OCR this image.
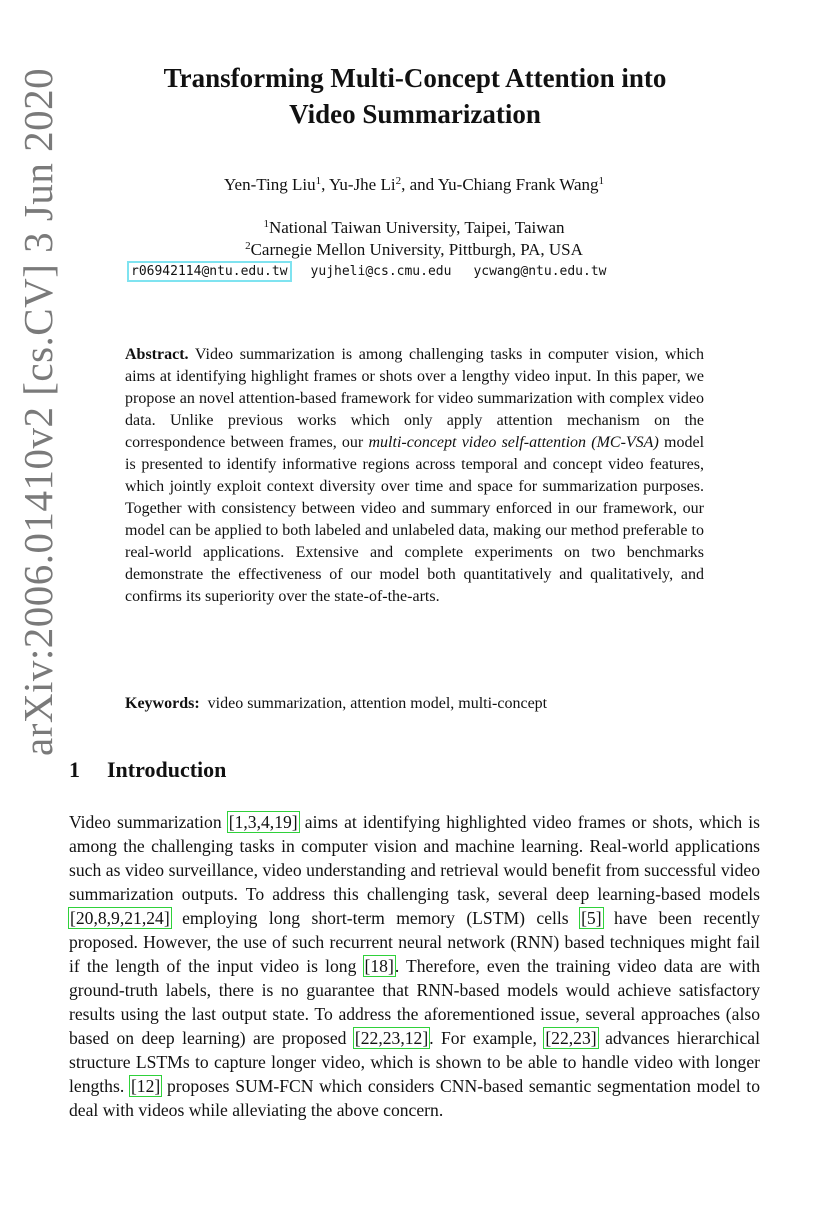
arXiv:2006.01410v2 [cs.CV] 3 Jun 2020	Transforming Multi-Concept Attention into
Video Summarization
Yen-Ting Liu$^1$, Yu-Jhe Li$^2$, and Yu-Chiang Frank Wang$^1$
$^1$National Taiwan University, Taipei, Taiwan
$^2$Carnegie Mellon University, Pittburgh, PA, USA
r06942114@ntu.edu.tw yujheli@cs.cmu.edu ycwang@ntu.edu.tw
Abstract. Video summarization is among challenging tasks in computer vision, which aims at identifying highlight frames or shots over a lengthy video input. In this paper, we propose an novel attention-based framework for video summarization with complex video data. Unlike previous works which only apply attention mechanism on the correspondence between frames, our multi-concept video self-attention (MC-VSA) model is presented to identify informative regions across temporal and concept video features, which jointly exploit context diversity over time and space for summarization purposes. Together with consistency between video and summary enforced in our framework, our model can be applied to both labeled and unlabeled data, making our method preferable to real-world applications. Extensive and complete experiments on two benchmarks demonstrate the effectiveness of our model both quantitatively and qualitatively, and confirms its superiority over the state-of-the-arts.
Keywords: video summarization, attention model, multi-concept
1 Introduction
Video summarization [1,3,4,19] aims at identifying highlighted video frames or shots, which is among the challenging tasks in computer vision and machine learning. Real-world applications such as video surveillance, video understanding and retrieval would benefit from successful video summarization outputs. To address this challenging task, several deep learning-based models [20,8,9,21,24] employing long short-term memory (LSTM) cells [5] have been recently proposed. However, the use of such recurrent neural network (RNN) based techniques might fail if the length of the input video is long [18]. Therefore, even the training video data are with ground-truth labels, there is no guarantee that RNN-based models would achieve satisfactory results using the last output state. To address the aforementioned issue, several approaches (also based on deep learning) are proposed [22,23,12]. For example, [22,23] advances hierarchical structure LSTMs to capture longer video, which is shown to be able to handle video with longer lengths. [12] proposes SUM-FCN which considers CNN-based semantic segmentation model to deal with videos while alleviating the above concern.
